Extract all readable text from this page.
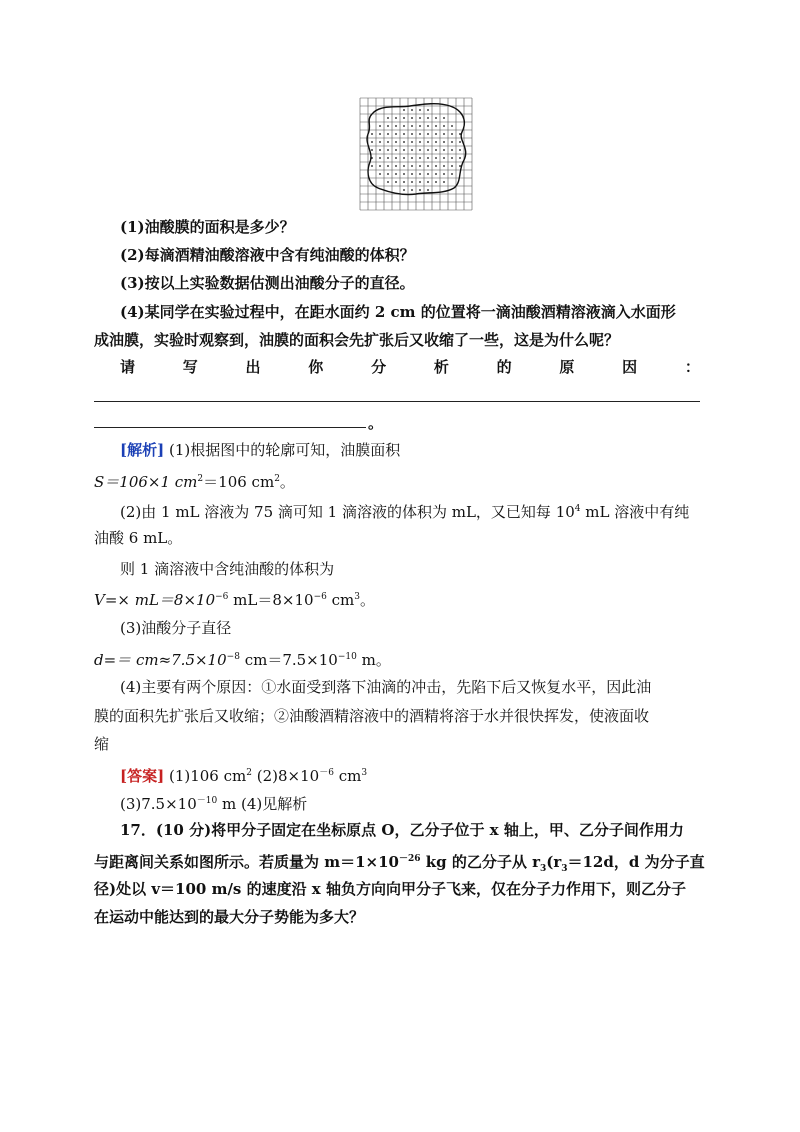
(1)油酸膜的面积是多少？
(2)每滴酒精油酸溶液中含有纯油酸的体积？
(3)按以上实验数据估测出油酸分子的直径。
(4)某同学在实验过程中，在距水面约 2 cm 的位置将一滴油酸酒精溶液滴入水面形
成油膜，实验时观察到，油膜的面积会先扩张后又收缩了一些，这是为什么呢？
请	写	出	你	分	析	的	原	因	：
。
[解析] (1)根据图中的轮廓可知，油膜面积
S＝106×1 $cm^2=106$ $cm^2$。
(2)由 1 mL 溶液为 75 滴可知 1 滴溶液的体积为 mL，又已知每 $10^4$ mL 溶液中有纯
油酸 6 mL。
则 1 滴溶液中含纯油酸的体积为
$V=\times mL=8\times 10^{-6}$ $mL=8\times 10^{-6}$ $cm^3$。
(3)油酸分子直径
$d== cm\approx 7.5\times 10^{-8}$ $cm=7.5\times 10^{-10}$ m。
(4)主要有两个原因：①水面受到落下油滴的冲击，先陷下后又恢复水平，因此油
膜的面积先扩张后又收缩；②油酸酒精溶液中的酒精将溶于水并很快挥发，使液面收
缩
[答案] (1)106 $cm^2$ $(2)8\times 10^{-6}$ $cm^3$
$(3)7.5\times 10^{-10}$ m (4)见解析
17．(10 分)将甲分子固定在坐标原点 O，乙分子位于 x 轴上，甲、乙分子间作用力
与距离间关系如图所示。若质量为 $m=1\times 10^{-26}$ kg 的乙分子从 $r_3(r_3=12d$，d 为分子直
径)处以 v＝100 m/s 的速度沿 x 轴负方向向甲分子飞来，仅在分子力作用下，则乙分子
在运动中能达到的最大分子势能为多大？
